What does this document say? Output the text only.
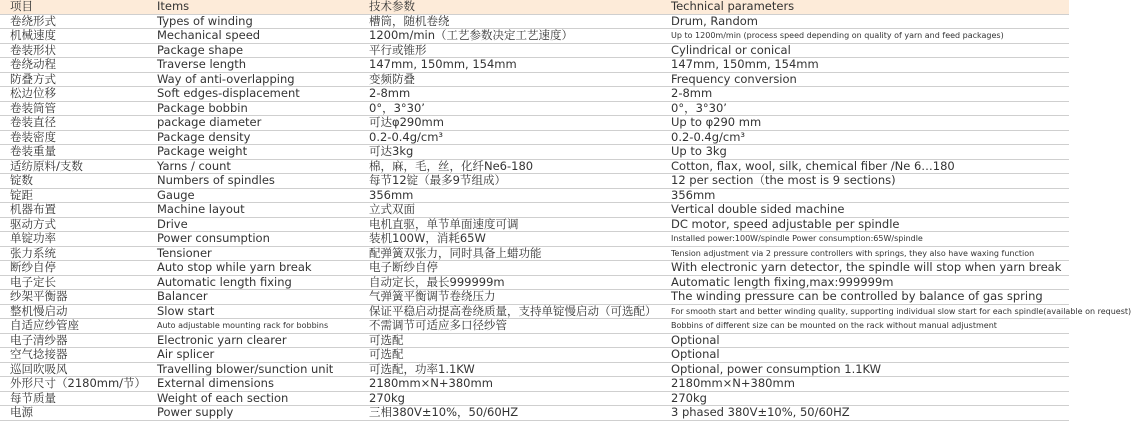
项目	Items	技术参数	Technical parameters
卷绕形式	Types of winding	槽筒，随机卷绕	Drum, Random
机械速度	Mechanical speed	1200m/min（工艺参数决定工艺速度）	Up to 1200m/min (process speed depending on quality of yarn and feed packages)
卷装形状	Package shape	平行或锥形	Cylindrical or conical
卷绕动程	Traverse length	147mm, 150mm, 154mm	147mm, 150mm, 154mm
防叠方式	Way of anti-overlapping	变频防叠	Frequency conversion
松边位移	Soft edges-displacement	2-8mm	2-8mm
卷装筒管	Package bobbin	0°，3°30’	0°，3°30’
卷装直径	package diameter	可达φ290mm	Up to φ290 mm
卷装密度	Package density	0.2-0.4g/cm³	0.2-0.4g/cm³
卷装重量	Package weight	可达3kg	Up to 3kg
适纺原料/支数	Yarns / count	棉，麻，毛，丝，化纤Ne6-180	Cotton, flax, wool, silk, chemical fiber /Ne 6…180
锭数	Numbers of spindles	每节12锭（最多9节组成）	12 per section（the most is 9 sections)
锭距	Gauge	356mm	356mm
机器布置	Machine layout	立式双面	Vertical double sided machine
驱动方式	Drive	电机直驱，单节单面速度可调	DC motor, speed adjustable per spindle
单锭功率	Power consumption	装机100W，消耗65W	Installed power:100W/spindle Power consumption:65W/spindle
张力系统	Tensioner	配弹簧双张力，同时具备上蜡功能	Tension adjustment via 2 pressure controllers with springs, they also have waxing function
断纱自停	Auto stop while yarn break	电子断纱自停	With electronic yarn detector, the spindle will stop when yarn break
电子定长	Automatic length fixing	自动定长，最长999999m	Automatic length fixing,max:999999m
纱架平衡器	Balancer	气弹簧平衡调节卷绕压力	The winding pressure can be controlled by balance of gas spring
整机慢启动	Slow start	保证平稳启动提高卷绕质量，支持单锭慢启动（可选配）	For smooth start and better winding quality, supporting individual slow start for each spindle(available on request)
自适应纱管座	Auto adjustable mounting rack for bobbins	不需调节可适应多口径纱管	Bobbins of different size can be mounted on the rack without manual adjustment
电子清纱器	Electronic yarn clearer	可选配	Optional
空气捻接器	Air splicer	可选配	Optional
巡回吹吸风	Travelling blower/sunction unit	可选配，功率1.1KW	Optional, power consumption 1.1KW
外形尺寸（2180mm/节）	External dimensions	2180mm×N+380mm	2180mm×N+380mm
每节质量	Weight of each section	270kg	270kg
电源	Power supply	三相380V±10%，50/60HZ	3 phased 380V±10%, 50/60HZ
